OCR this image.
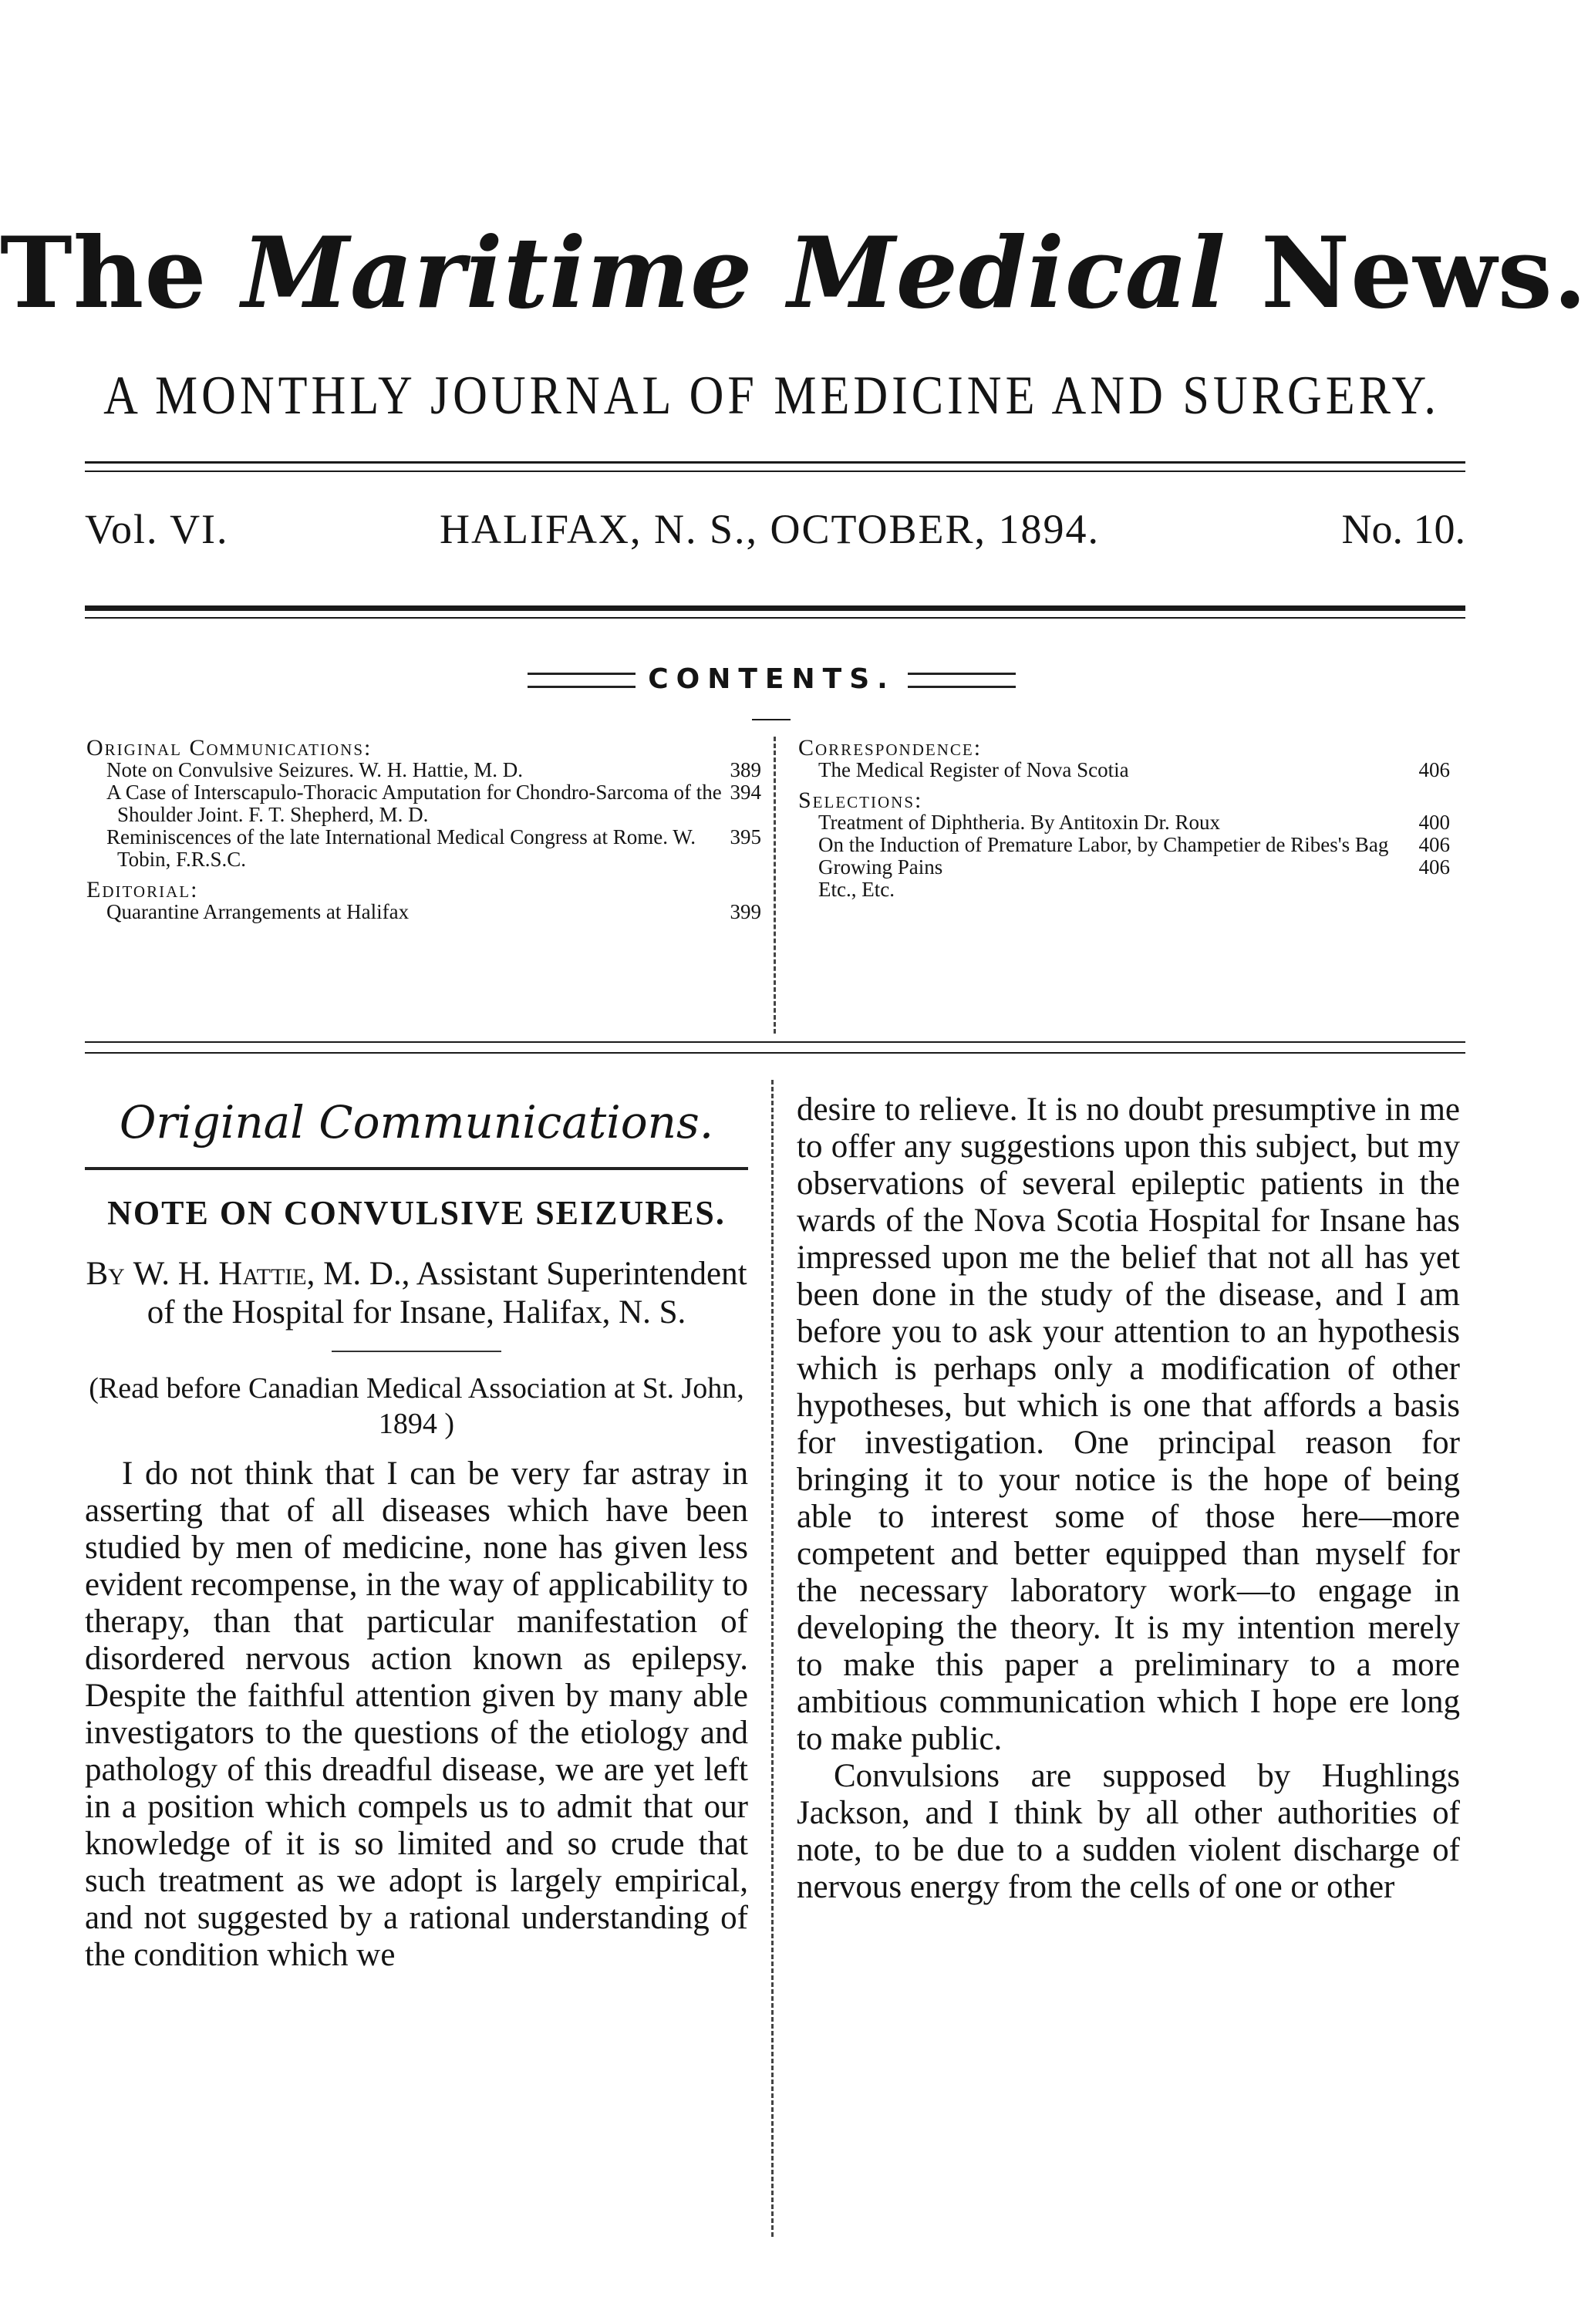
The Maritime Medical News.
A MONTHLY JOURNAL OF MEDICINE AND SURGERY.
Vol. VI.	HALIFAX, N. S., OCTOBER, 1894.	No. 10.
CONTENTS.
Original Communications:
389
Note on Convulsive Seizures. W. H. Hattie, M. D.
394
A Case of Interscapulo-Thoracic Amputation for Chondro-Sarcoma of the Shoulder Joint. F. T. Shepherd, M. D.
395
Reminiscences of the late International Medical Congress at Rome. W. Tobin, F.R.S.C.
Editorial:
399
Quarantine Arrangements at Halifax
Correspondence:
406
The Medical Register of Nova Scotia
Selections:
400
Treatment of Diphtheria. By Antitoxin Dr. Roux
406
On the Induction of Premature Labor, by Champetier de Ribes's Bag
406
Growing Pains
Etc., Etc.
Original Communications.
NOTE ON CONVULSIVE SEIZURES.
By W. H. Hattie, M. D., Assistant Superintendent of the Hospital for Insane, Halifax, N. S.
(Read before Canadian Medical Association at St. John, 1894 )

I do not think that I can be very far astray in asserting that of all diseases which have been studied by men of medicine, none has given less evident recompense, in the way of applicability to therapy, than that particular manifestation of disordered nervous action known as epilepsy. Despite the faithful attention given by many able investigators to the questions of the etiology and pathology of this dreadful disease, we are yet left in a position which compels us to admit that our knowledge of it is so limited and so crude that such treatment as we adopt is largely empirical, and not suggested by a rational understanding of the condition which we

desire to relieve. It is no doubt presumptive in me to offer any suggestions upon this subject, but my observations of several epileptic patients in the wards of the Nova Scotia Hospital for Insane has impressed upon me the belief that not all has yet been done in the study of the disease, and I am before you to ask your attention to an hypothesis which is perhaps only a modification of other hypotheses, but which is one that affords a basis for investigation. One principal reason for bringing it to your notice is the hope of being able to interest some of those here—more competent and better equipped than myself for the necessary laboratory work—to engage in developing the theory. It is my intention merely to make this paper a preliminary to a more ambitious communication which I hope ere long to make public.

Convulsions are supposed by Hughlings Jackson, and I think by all other authorities of note, to be due to a sudden violent discharge of nervous energy from the cells of one or other
